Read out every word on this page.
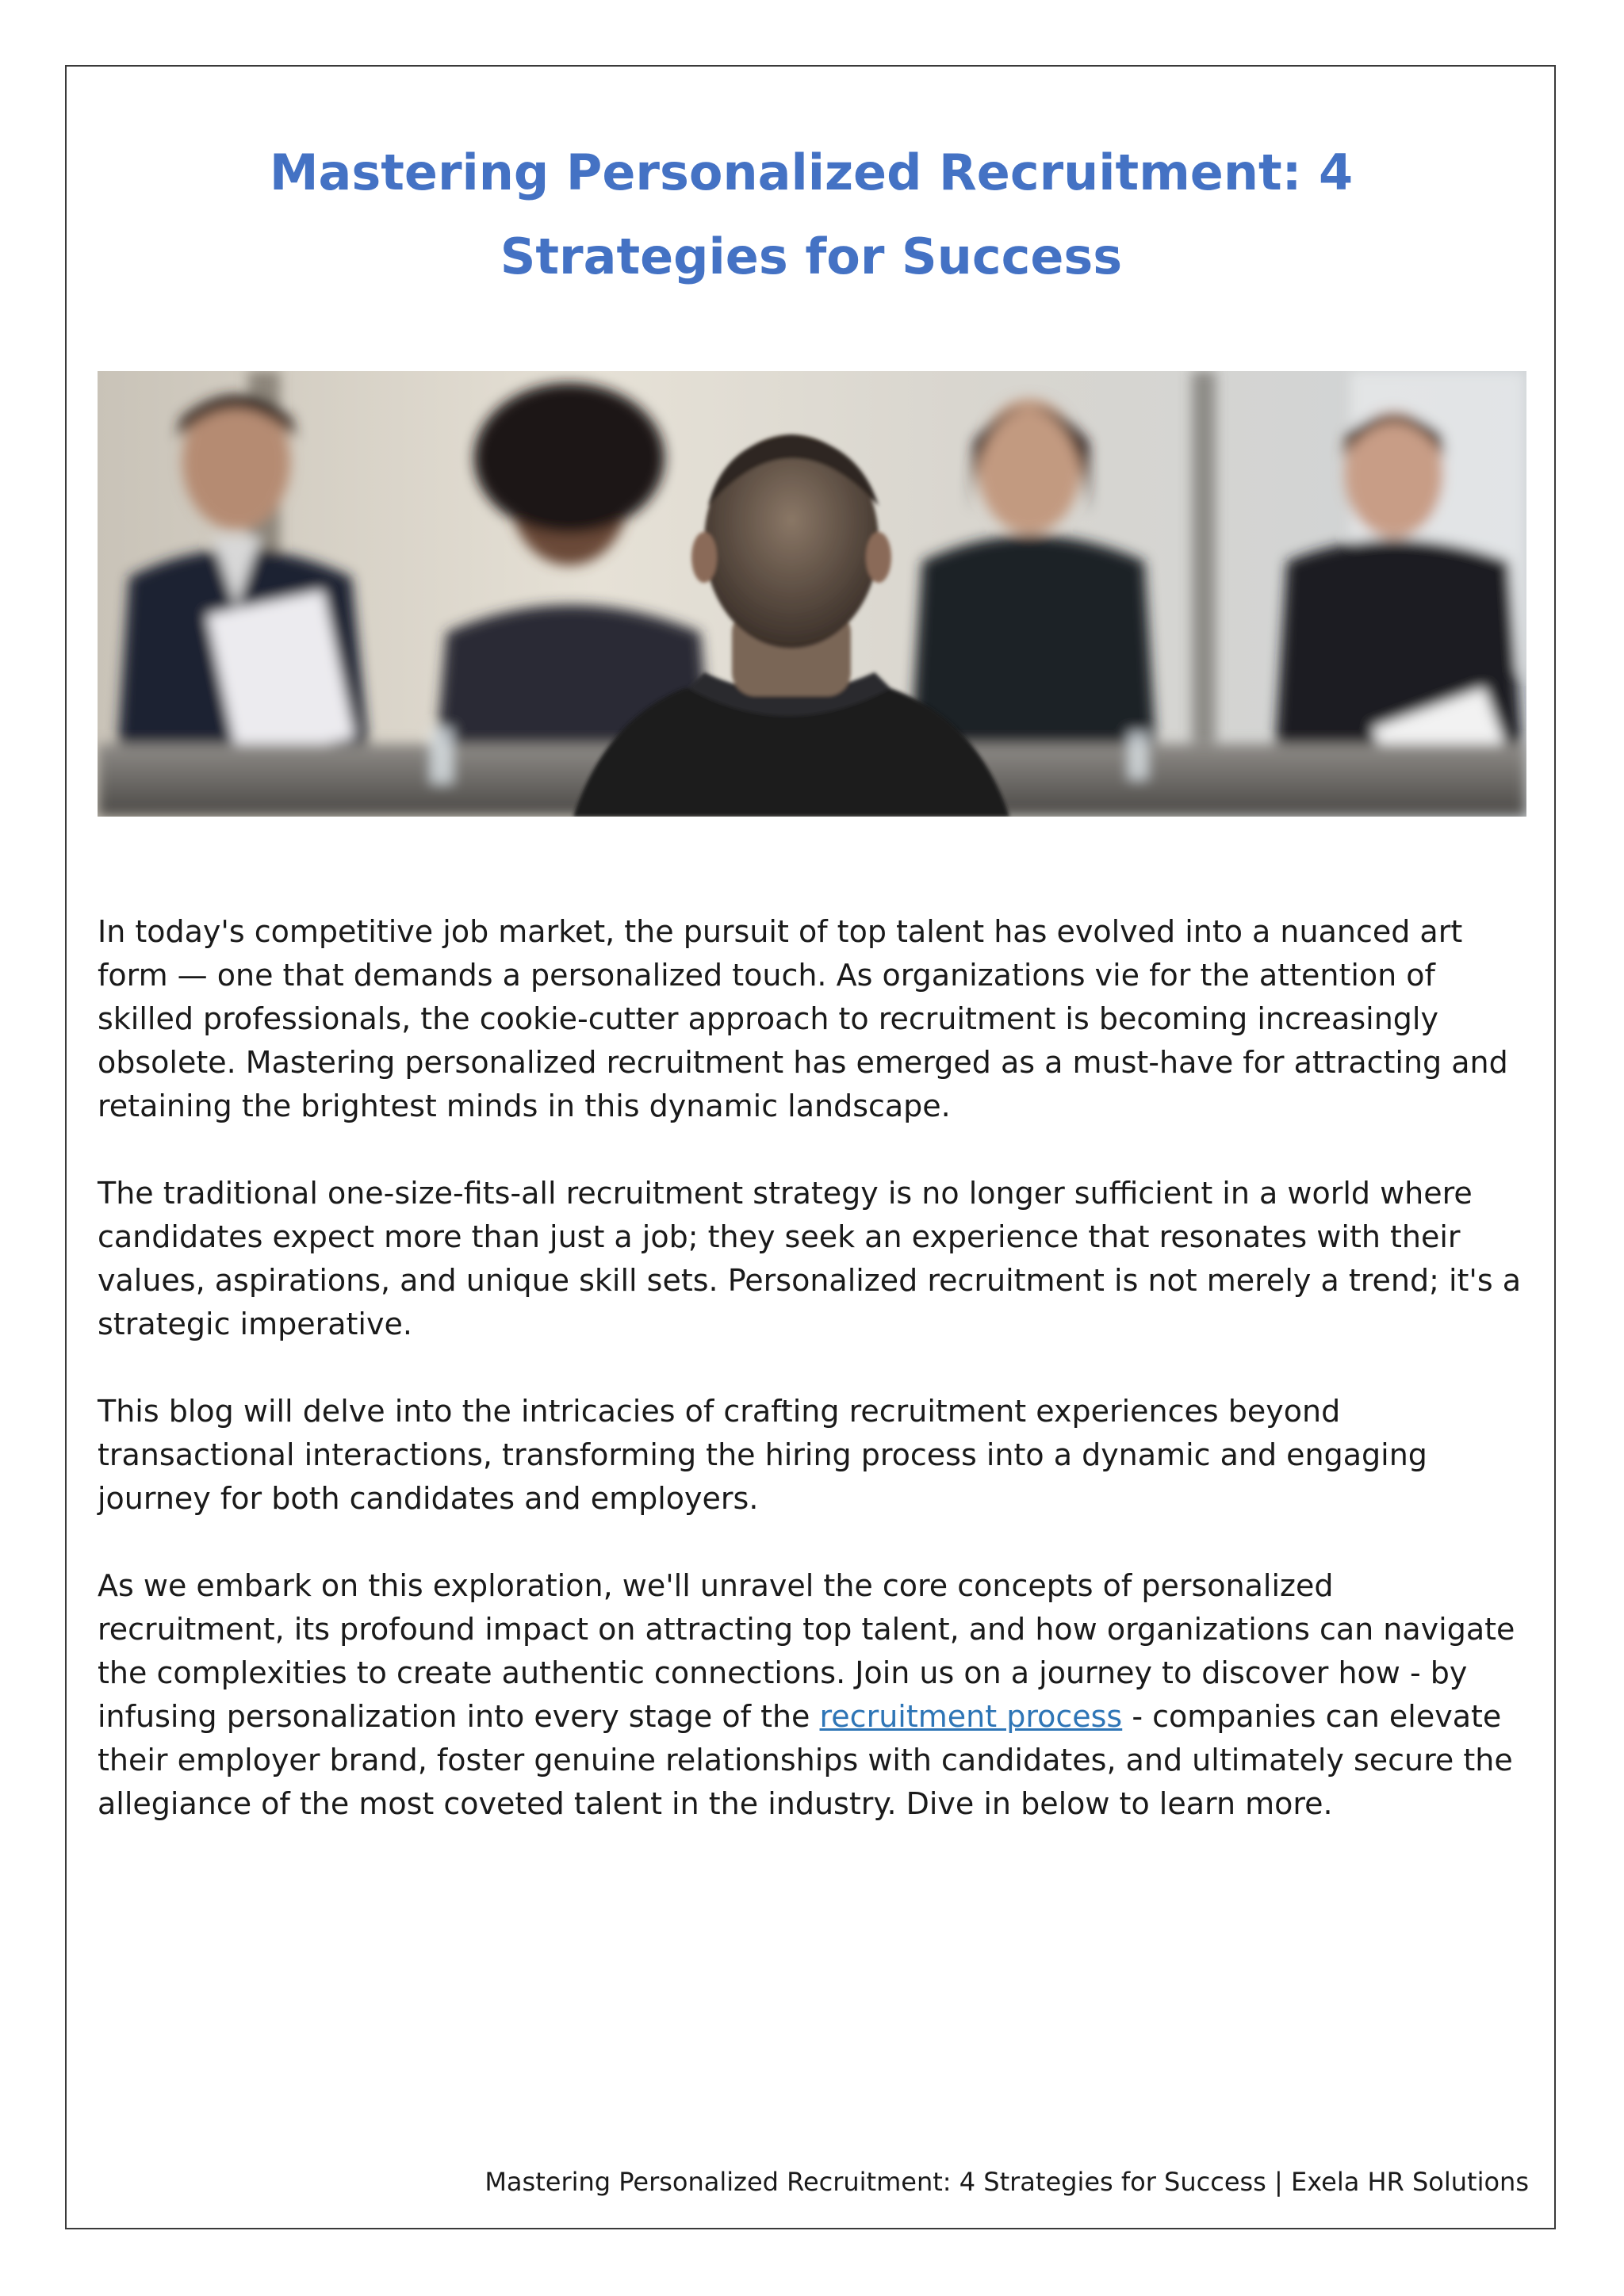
Mastering Personalized Recruitment: 4 Strategies for Success

In today's competitive job market, the pursuit of top talent has evolved into a nuanced art form — one that demands a personalized touch. As organizations vie for the attention of skilled professionals, the cookie-cutter approach to recruitment is becoming increasingly obsolete. Mastering personalized recruitment has emerged as a must-have for attracting and retaining the brightest minds in this dynamic landscape.

The traditional one-size-fits-all recruitment strategy is no longer sufficient in a world where candidates expect more than just a job; they seek an experience that resonates with their values, aspirations, and unique skill sets. Personalized recruitment is not merely a trend; it's a strategic imperative.

This blog will delve into the intricacies of crafting recruitment experiences beyond transactional interactions, transforming the hiring process into a dynamic and engaging journey for both candidates and employers.

As we embark on this exploration, we'll unravel the core concepts of personalized recruitment, its profound impact on attracting top talent, and how organizations can navigate the complexities to create authentic connections. Join us on a journey to discover how - by infusing personalization into every stage of the recruitment process - companies can elevate their employer brand, foster genuine relationships with candidates, and ultimately secure the allegiance of the most coveted talent in the industry. Dive in below to learn more.

Mastering Personalized Recruitment: 4 Strategies for Success | Exela HR Solutions
